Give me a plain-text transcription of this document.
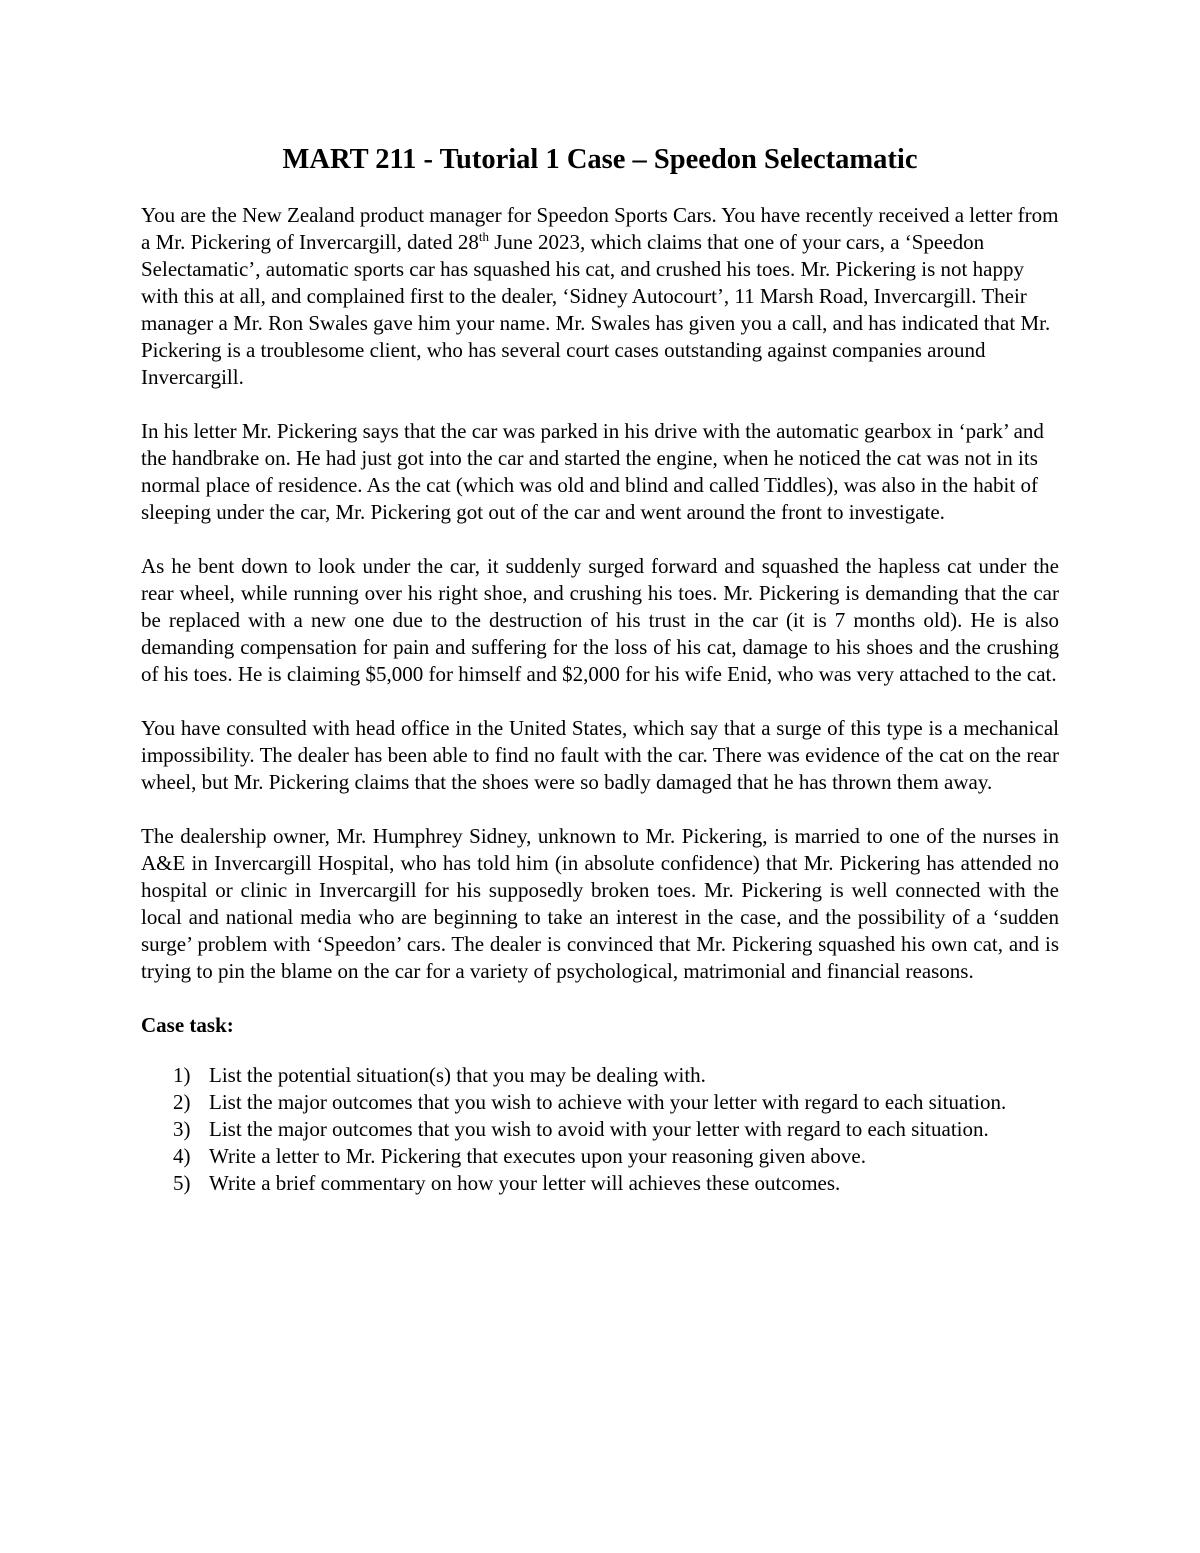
MART 211 - Tutorial 1 Case – Speedon Selectamatic

You are the New Zealand product manager for Speedon Sports Cars. You have recently received a letter from a Mr. Pickering of Invercargill, dated 28th June 2023, which claims that one of your cars, a ‘Speedon Selectamatic’, automatic sports car has squashed his cat, and crushed his toes. Mr. Pickering is not happy with this at all, and complained first to the dealer, ‘Sidney Autocourt’, 11 Marsh Road, Invercargill. Their manager a Mr. Ron Swales gave him your name. Mr. Swales has given you a call, and has indicated that Mr. Pickering is a troublesome client, who has several court cases outstanding against companies around Invercargill.

In his letter Mr. Pickering says that the car was parked in his drive with the automatic gearbox in ‘park’ and the handbrake on. He had just got into the car and started the engine, when he noticed the cat was not in its normal place of residence. As the cat (which was old and blind and called Tiddles), was also in the habit of sleeping under the car, Mr. Pickering got out of the car and went around the front to investigate.

As he bent down to look under the car, it suddenly surged forward and squashed the hapless cat under the rear wheel, while running over his right shoe, and crushing his toes. Mr. Pickering is demanding that the car be replaced with a new one due to the destruction of his trust in the car (it is 7 months old). He is also demanding compensation for pain and suffering for the loss of his cat, damage to his shoes and the crushing of his toes. He is claiming $5,000 for himself and $2,000 for his wife Enid, who was very attached to the cat.

You have consulted with head office in the United States, which say that a surge of this type is a mechanical impossibility. The dealer has been able to find no fault with the car. There was evidence of the cat on the rear wheel, but Mr. Pickering claims that the shoes were so badly damaged that he has thrown them away.

The dealership owner, Mr. Humphrey Sidney, unknown to Mr. Pickering, is married to one of the nurses in A&E in Invercargill Hospital, who has told him (in absolute confidence) that Mr. Pickering has attended no hospital or clinic in Invercargill for his supposedly broken toes. Mr. Pickering is well connected with the local and national media who are beginning to take an interest in the case, and the possibility of a ‘sudden surge’ problem with ‘Speedon’ cars. The dealer is convinced that Mr. Pickering squashed his own cat, and is trying to pin the blame on the car for a variety of psychological, matrimonial and financial reasons.

Case task:
1) List the potential situation(s) that you may be dealing with.
2) List the major outcomes that you wish to achieve with your letter with regard to each situation.
3) List the major outcomes that you wish to avoid with your letter with regard to each situation.
4) Write a letter to Mr. Pickering that executes upon your reasoning given above.
5) Write a brief commentary on how your letter will achieves these outcomes.
